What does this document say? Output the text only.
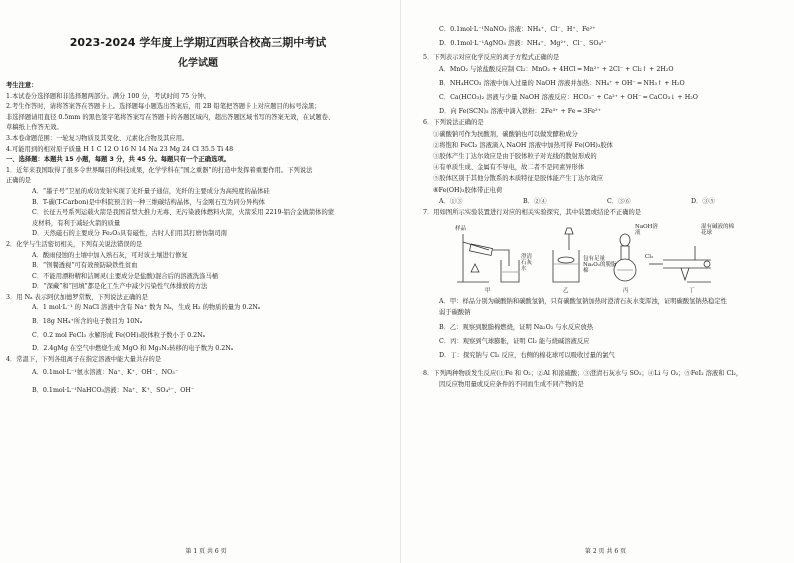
2023-2024 学年度上学期辽西联合校高三期中考试
化学试题
考生注意：
1.本试卷分选择题和非选择题两部分。满分 100 分，考试时间 75 分钟。
2.考生作答时，请将答案答在答题卡上。选择题每小题选出答案后，用 2B 铅笔把答题卡上对应题目的标号涂黑；
非选择题请用直径 0.5mm 的黑色签字笔将答案写在答题卡的各题区域内，超出答题区域书写的答案无效，在试题卷、
草稿纸上作答无效。
3.本卷命题范围：一轮复习物质及其变化、元素化合物及其应用。
4.可能用到的相对原子质量 H 1 C 12 O 16 N 14 Na 23 Mg 24 Cl 35.5 Ti 48
一、选择题：本题共 15 小题，每题 3 分，共 45 分。每题只有一个正确选项。
1．近年来我国取得了很多令世界瞩目的科技成果，化学学科在“国之重器”的打造中发挥着重要作用。下列说法
正确的是
A．“墨子号”卫星的成功发射实现了光纤量子通信，光纤的主要成分为高纯度的晶体硅
B．T-碳(T-Carbon)是中科院预言的一种三维碳结构晶体，与金刚石互为同分异构体
C．长征五号系列运载火箭是我国首型大推力无毒、无污染液体燃料火箭，火箭采用 2219-铝合金做箭体的蒙
皮材料，有利于减轻火箭的质量
D．天然磁石的主要成分 Fe₂O₃具有磁性，古时人们用其打磨仿制司南
2．化学与生活密切相关，下列有关说法错误的是
A．酸雨侵蚀的土壤中加入熟石灰，可对该土壤进行修复
B．“钡餐透视”可有效预防缺铁性贫血
C．不能用漂粉精和洁厕灵(主要成分是盐酸)混合后的溶液洗涤马桶
D．“深藏”和“回填”都是化工生产中减少污染性气体排放的方法
3．用 Nₐ 表示阿伏加德罗常数，下列说法正确的是
A．1 mol·L⁻¹ 的 NaCl 溶液中含有 Na⁺ 数为 Nₐ，生成 H₂ 的物质的量为 0.2Nₐ
B．18g NH₄⁺所含的电子数目为 10Nₐ
C．0.2 mol FeCl₃ 水解形成 Fe(OH)₃胶体粒子数小于 0.2Nₐ
D．2.4gMg 在空气中燃烧生成 MgO 和 Mg₃N₂转移的电子数为 0.2Nₐ
4．常温下，下列各组离子在指定溶液中能大量共存的是
A．0.1mol·L⁻¹氨水溶液：Na⁺、K⁺、OH⁻、NO₃⁻
B．0.1mol·L⁻¹NaHCO₃溶液：Na⁺、K⁺、SO₄²⁻、OH⁻
第 1 页 共 6 页
C．0.1mol·L⁻¹NaNO₃ 溶液：NH₄⁺、Cl⁻、H⁺、Fe²⁺
D．0.1mol·L⁻¹AgNO₃ 溶液：NH₄⁺、Mg²⁺、Cl⁻、SO₄²⁻
5．下列表示对应化学反应的离子方程式正确的是
A．MnO₂ 与浓盐酸反应制 Cl₂：MnO₂ + 4HCl ═ Mn²⁺ + 2Cl⁻ + Cl₂↑ + 2H₂O
B．NH₄HCO₃ 溶液中加入过量的 NaOH 溶液并加热：NH₄⁺ + OH⁻ ═ NH₃↑ + H₂O
C．Ca(HCO₃)₂ 溶液与少量 NaOH 溶液反应：HCO₃⁻ + Ca²⁺ + OH⁻ ═ CaCO₃↓ + H₂O
D．向 Fe(SCN)₃ 溶液中滴入铁粉：2Fe³⁺ + Fe ═ 3Fe²⁺
6．下列说法正确的是
①碳酸钠可作为抗酸剂，碳酸钠也可以做发酵粉成分
②将饱和 FeCl₃ 溶液滴入 NaOH 溶液中加热可得 Fe(OH)₃胶体
③胶体产生丁达尔效应是由于胶体粒子对光线的散射形成的
④有单质生成、金属有不导电，故二者不是同素异形体
⑤胶体区别于其他分散系的本质特征是胶体能产生丁达尔效应
⑥Fe(OH)₃胶体带正电荷
A．①③	B．②④	C．③⑥	D．③⑤
7．用如图所示实验装置进行对应的相关实验探究，其中装置或结论不正确的是
样品
澄清石灰水
包有足量Na₂O₂的脱脂棉
NaOH溶液
Cl₂
湿有碱液的棉花球
甲	乙	丙	丁
A．甲：样品分别为碳酸钠和碳酸氢钠，只有碳酸氢钠加热时澄清石灰水变浑浊，证明碳酸氢钠热稳定性
弱于碳酸钠
B．乙：观察到脱脂棉燃烧，证明 Na₂O₂ 与水反应放热
C．丙：观察到气球膨胀，证明 Cl₂ 能与烧碱溶液反应
D．丁：探究钠与 Cl₂ 反应，右侧的棉花球可以吸收过量的氯气
8．下列两种物质发生反应(①Fe 和 O₂；②Al 和浓硫酸；③澄清石灰水与 SO₂；④Li 与 O₂；⑤FeI₂ 溶液和 Cl₂，
因反应物用量或反应条件的不同而生成不同产物的是
第 2 页 共 6 页
